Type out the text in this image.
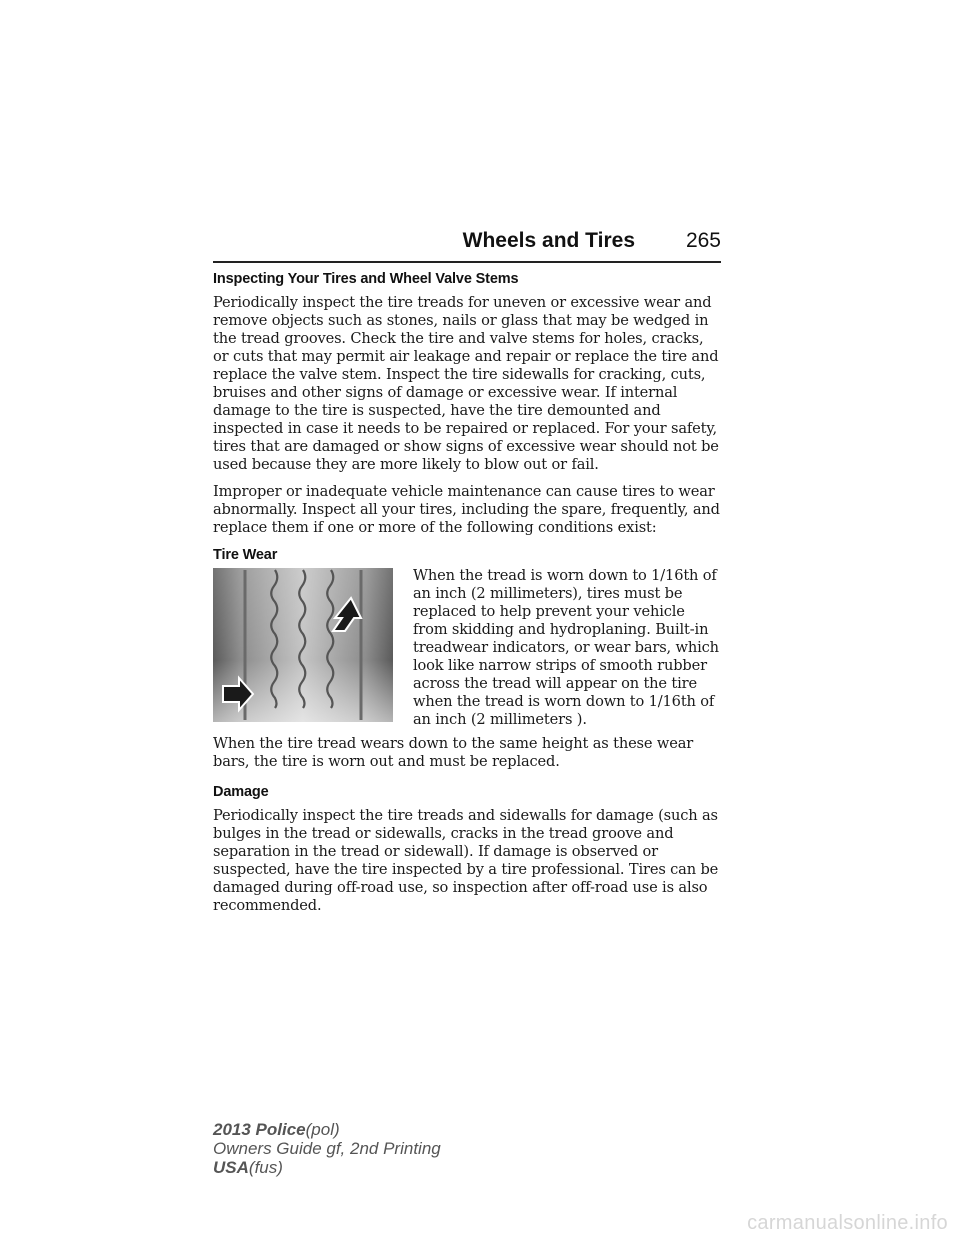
Wheels and Tires 265
Inspecting Your Tires and Wheel Valve Stems

Periodically inspect the tire treads for uneven or excessive wear and remove objects such as stones, nails or glass that may be wedged in the tread grooves. Check the tire and valve stems for holes, cracks, or cuts that may permit air leakage and repair or replace the tire and replace the valve stem. Inspect the tire sidewalls for cracking, cuts, bruises and other signs of damage or excessive wear. If internal damage to the tire is suspected, have the tire demounted and inspected in case it needs to be repaired or replaced. For your safety, tires that are damaged or show signs of excessive wear should not be used because they are more likely to blow out or fail.

Improper or inadequate vehicle maintenance can cause tires to wear abnormally. Inspect all your tires, including the spare, frequently, and replace them if one or more of the following conditions exist:

Tire Wear
When the tread is worn down to 1/16th of an inch (2 millimeters), tires must be replaced to help prevent your vehicle from skidding and hydroplaning. Built-in treadwear indicators, or wear bars, which look like narrow strips of smooth rubber across the tread will appear on the tire when the tread is worn down to 1/16th of an inch (2 millimeters ).

When the tire tread wears down to the same height as these wear bars, the tire is worn out and must be replaced.

Damage

Periodically inspect the tire treads and sidewalls for damage (such as bulges in the tread or sidewalls, cracks in the tread groove and separation in the tread or sidewall). If damage is observed or suspected, have the tire inspected by a tire professional. Tires can be damaged during off-road use, so inspection after off-road use is also recommended.

2013 Police(pol)
Owners Guide gf, 2nd Printing
USA(fus)
carmanualsonline.info
